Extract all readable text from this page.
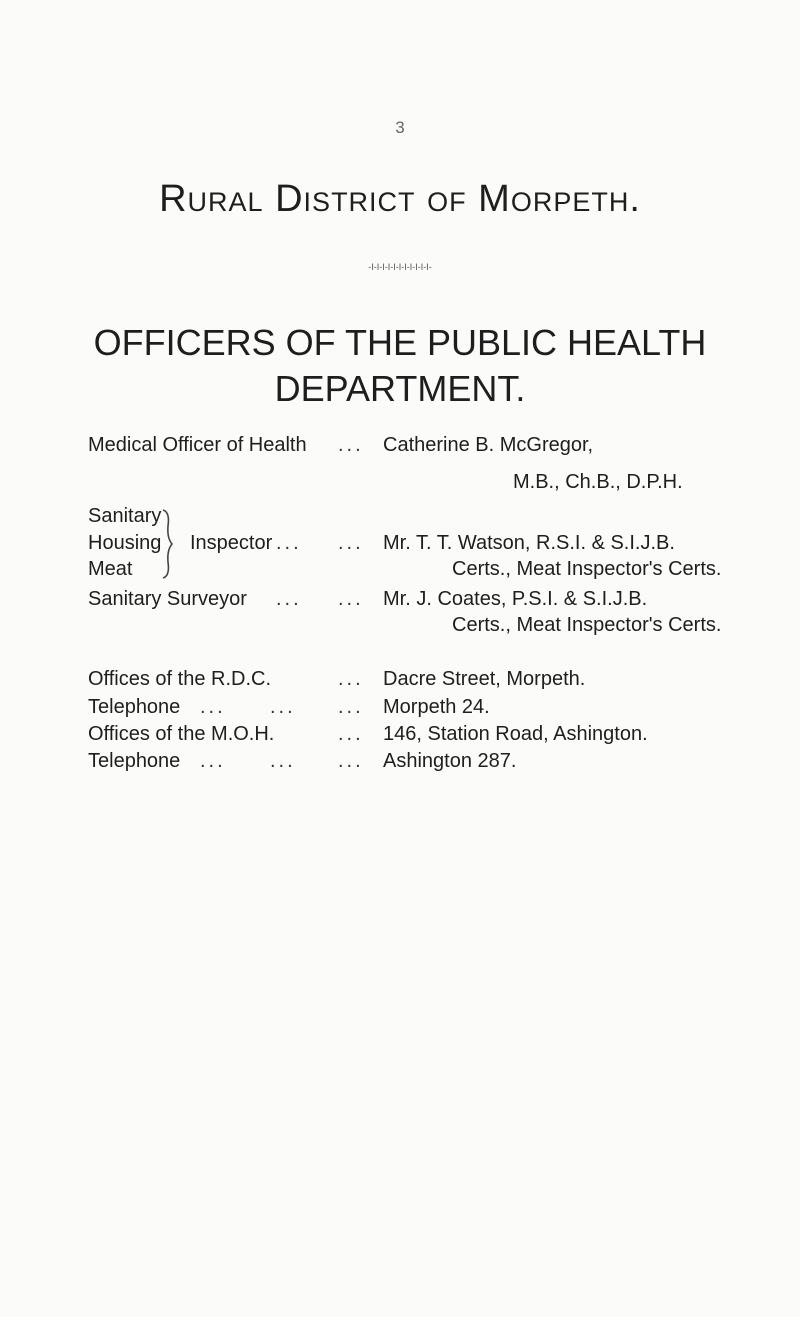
3
Rural District of Morpeth.
-I-I-I-I-I-I-I-I-I-I-I-
OFFICERS OF THE PUBLIC HEALTH
DEPARTMENT.
Medical Officer of Health ... Catherine B. McGregor,
M.B., Ch.B., D.P.H.
Sanitary
Housing
Meat
Inspector ... ... Mr. T. T. Watson, R.S.I. & S.I.J.B.
Certs., Meat Inspector's Certs.
Sanitary Surveyor ... ... Mr. J. Coates, P.S.I. & S.I.J.B.
Certs., Meat Inspector's Certs.
Offices of the R.D.C.	... Dacre Street, Morpeth.
Telephone ... ... ... Morpeth 24.
Offices of the M.O.H.	... 146, Station Road, Ashington.
Telephone ... ... ... Ashington 287.
